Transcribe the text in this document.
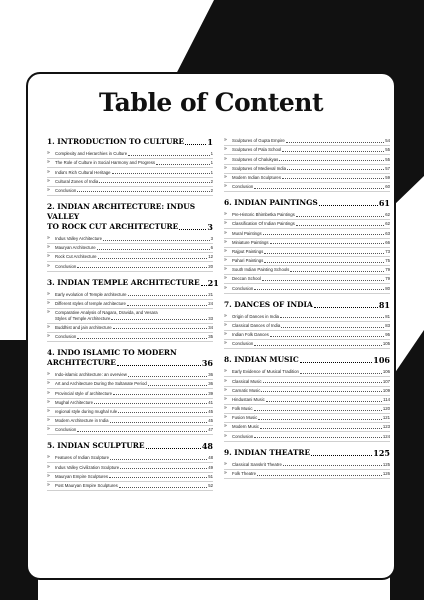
Table of Content
1. INTRODUCTION TO CULTURE	1
»	Complexity and Hierarchies in Culture	1
»	The Role of Culture in Social Harmony and Progress	1
»	India's Rich Cultural Heritage	1
»	Cultural Zones of India	2
»	Conclusion	2
2. INDIAN ARCHITECTURE: INDUS VALLEY
TO ROCK CUT ARCHITECTURE	3
»	Indus Valley Architecture	3
»	Mauryan Architecture	6
»	Rock Cut Architecture	12
»	Conclusion	20
3. INDIAN TEMPLE ARCHITECTURE 21
»	Early evolution of Temple architecture	21
»	Different styles of temple architecture	24
»	Comparative Analysis of Nagara, Dravida, and Vesara
Styles of Temple Architecture	33
»	Buddhist and jain architecture	34
»	Conclusion	35
4. INDO ISLAMIC TO MODERN
ARCHITECTURE	36
»	Indo-islamic architecture: an overview	36
»	Art and Architecture During the Sultanate Period	36
»	Provincial style of architecture	39
»	Mughal Architecture	41
»	regional style during mughal rule	45
»	Modern Architecture in India	45
»	Conclusion	47
5. INDIAN SCULPTURE	48
»	Features of Indian Sculpture	48
»	Indus Valley Civilization Sculpture	49
»	Mauryan Empire Sculptures	51
»	Post Mauryan Empire Sculptures	52
»	Sculptures of Gupta Empire	54
»	Sculptures of Pala School	55
»	Sculptures of Chalukyas	55
»	Sculptures of Medieval India	57
»	Modern Indian Sculptures	59
»	Conclusion	60
6. INDIAN PAINTINGS	61
»	Pre-Historic Bhimbetka Paintings	62
»	Classification Of Indian Paintings	62
»	Mural Paintings	63
»	Miniature Paintings	66
»	Rajput Paintings	73
»	Pahari Paintings	75
»	South Indian Painting Schools	79
»	Deccan School	79
»	Conclusion	80
7. DANCES OF INDIA	81
»	Origin of Dances in India	81
»	Classical Dances of India	83
»	Indian Folk Dances	95
»	Conclusion	105
8. INDIAN MUSIC	106
»	Early Evidence of Musical Tradition	106
»	Classical Music	107
»	Carnatic Music	109
»	Hindustani Music	114
»	Folk Music	120
»	Fusion Music	121
»	Modern Music	123
»	Conclusion	124
9. INDIAN THEATRE	125
»	Classical Sanskrit Theatre	125
»	Folk Theatre	126
